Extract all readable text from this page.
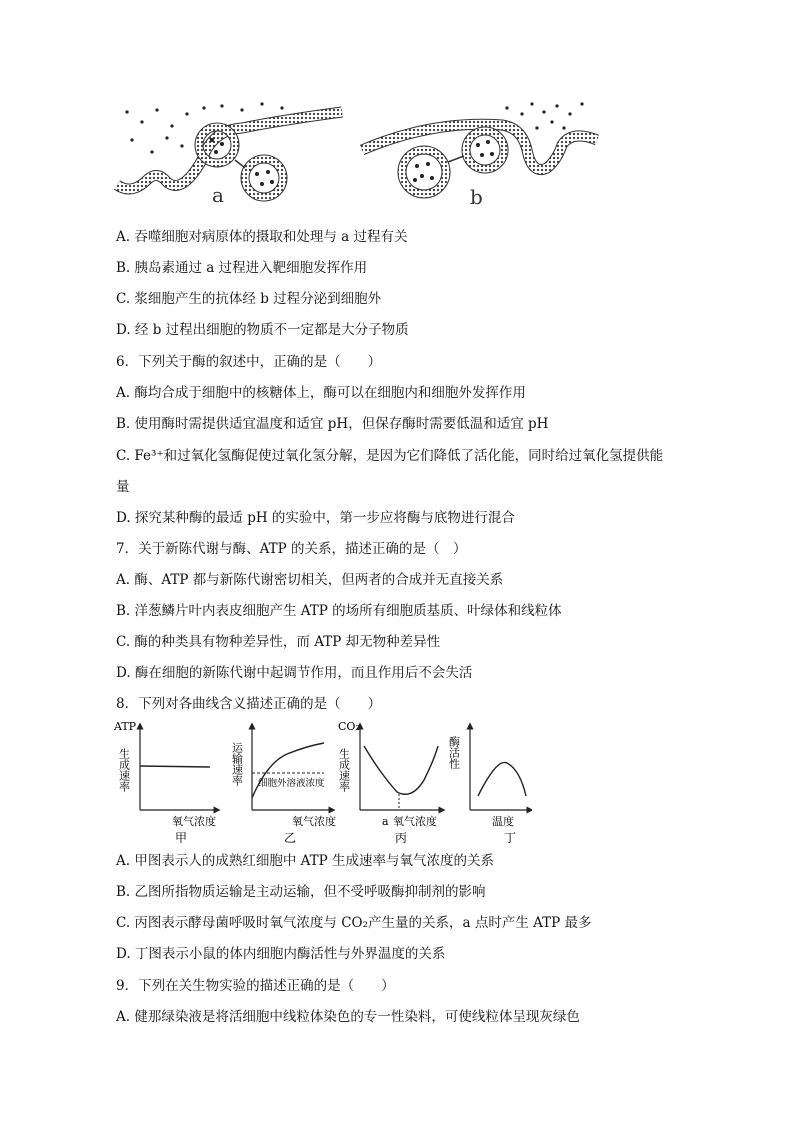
a	b
A. 吞噬细胞对病原体的摄取和处理与 a 过程有关
B. 胰岛素通过 a 过程进入靶细胞发挥作用
C. 浆细胞产生的抗体经 b 过程分泌到细胞外
D. 经 b 过程出细胞的物质不一定都是大分子物质
6．下列关于酶的叙述中，正确的是（　　）
A. 酶均合成于细胞中的核糖体上，酶可以在细胞内和细胞外发挥作用
B. 使用酶时需提供适宜温度和适宜 pH，但保存酶时需要低温和适宜 pH
C. Fe³⁺和过氧化氢酶促使过氧化氢分解，是因为它们降低了活化能，同时给过氧化氢提供能
量
D. 探究某种酶的最适 pH 的实验中，第一步应将酶与底物进行混合
7．关于新陈代谢与酶、ATP 的关系，描述正确的是（　）
A. 酶、ATP 都与新陈代谢密切相关，但两者的合成并无直接关系
B. 洋葱鳞片叶内表皮细胞产生 ATP 的场所有细胞质基质、叶绿体和线粒体
C. 酶的种类具有物种差异性，而 ATP 却无物种差异性
D. 酶在细胞的新陈代谢中起调节作用，而且作用后不会失活
8．下列对各曲线含义描述正确的是（　　）
ATP
生成速率
氧气浓度
甲
运输速率 细胞外溶液浓度
氧气浓度
乙
CO₂
生成速率
a 氧气浓度
丙
酶活性
温度
丁
A. 甲图表示人的成熟红细胞中 ATP 生成速率与氧气浓度的关系
B. 乙图所指物质运输是主动运输，但不受呼吸酶抑制剂的影响
C. 丙图表示酵母菌呼吸时氧气浓度与 CO₂产生量的关系，a 点时产生 ATP 最多
D. 丁图表示小鼠的体内细胞内酶活性与外界温度的关系
9．下列在关生物实验的描述正确的是（　　）
A. 健那绿染液是将活细胞中线粒体染色的专一性染料，可使线粒体呈现灰绿色
